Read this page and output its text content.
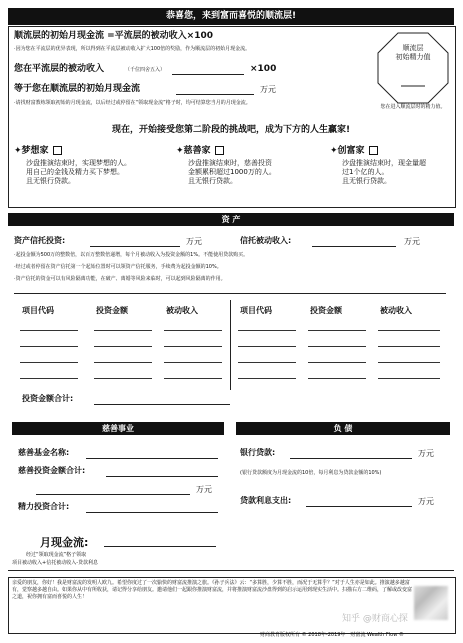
恭喜您，来到富而喜悦的顺流层!
顺流层的初始月现金流 =平流层的被动收入×100
·因为您在平流层的优异表现，所以得到在平流层被动收入扩大100倍的奖励，作为顺流层的初始月现金流。
您在平流层的被动收入	（千位四舍五入）	×100
等于您在顺流层的初始月现金流	万元
·请找财富教练领取初始的月现金流，以后经过或停留在“领取现金流”格子时，均可结算您当月的月现金流。
顺流层
初始精力值
您在进入顺流层时的精力值。
现在，开始接受您第二阶段的挑战吧，成为下方的人生赢家!
✦梦想家
沙盘推演结束时，实现梦想的人。
用自己的金钱及精力买下梦想。
且无银行贷款。
✦慈善家
沙盘推演结束时，慈善投资
金额累积超过1000万的人。
且无银行贷款。
✦创富家
沙盘推演结束时，现金量超
过1个亿的人。
且无银行贷款。
资 产
资产信托投资:	万元	信托被动收入:	万元
·起投金额为500万的整数倍，以百万整数倍递增，每个月被动收入为投资金额的1%。不能使用贷款购买。
·经过或者停留在资产信托第一个起始位置时可以领资产信托服务，手续费为起投金额的10%。
·资产信托的资金可以有风险隔离功能，在破产、离婚等风险来临时，可以起到风险隔离的作用。
项目代码	投资金额	被动收入	项目代码	投资金额	被动收入
投资金额合计:
慈善事业
慈善基金名称:
慈善投资金额合计:
万元
精力投资合计:
负 债
银行贷款:	万元
(银行贷款额度为月现金流的10倍，每月利息为贷款金额的10%)
贷款利息支出:	万元
月现金流:
经过“领取现金流”格子领取
项目被动收入+信托被动收入-贷款利息
亲爱的朋友，你好！我是财富流的发明人欧九。希望你度过了一次愉快的财富流推演之旅。《孙子兵法》云：“多算胜，少算不胜，而况于无算乎？”对于人生亦是如此。推演越多越富有，觉察越多越自由。如果你从中有所收获，请记得分享给朋友。邀请他们一起跟你推演财富流，并将推演财富流沙盘得到的启示运用到现实生活中。扫描右方二维码，了解或改变富之道，祝你拥有富而喜悦的人生！
财商教育版权所有 © 2018年-2019年　财富流 Wealth Flow ®
知乎 @财商心探
